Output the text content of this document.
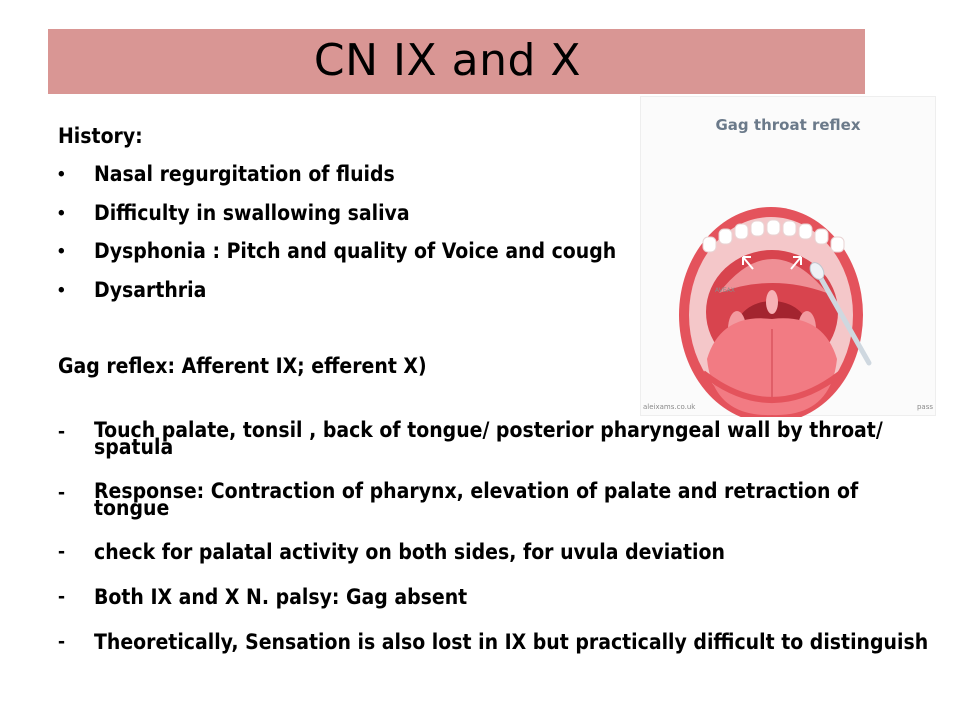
CN IX and X
History:
• Nasal regurgitation of fluids
• Difficulty in swallowing saliva
• Dysphonia : Pitch and quality of Voice and cough
• Dysarthria
Gag reflex: Afferent IX; efferent X)
- Touch palate, tonsil , back of tongue/ posterior pharyngeal wall by throat/ spatula
- Response: Contraction of pharynx, elevation of palate and retraction of tongue
- check for palatal activity on both sides, for uvula deviation
- Both IX and X N. palsy: Gag absent
- Theoretically, Sensation is also lost in IX but practically difficult to distinguish
Gag throat reflex
aleixams.co.uk	pass
AVEAX
